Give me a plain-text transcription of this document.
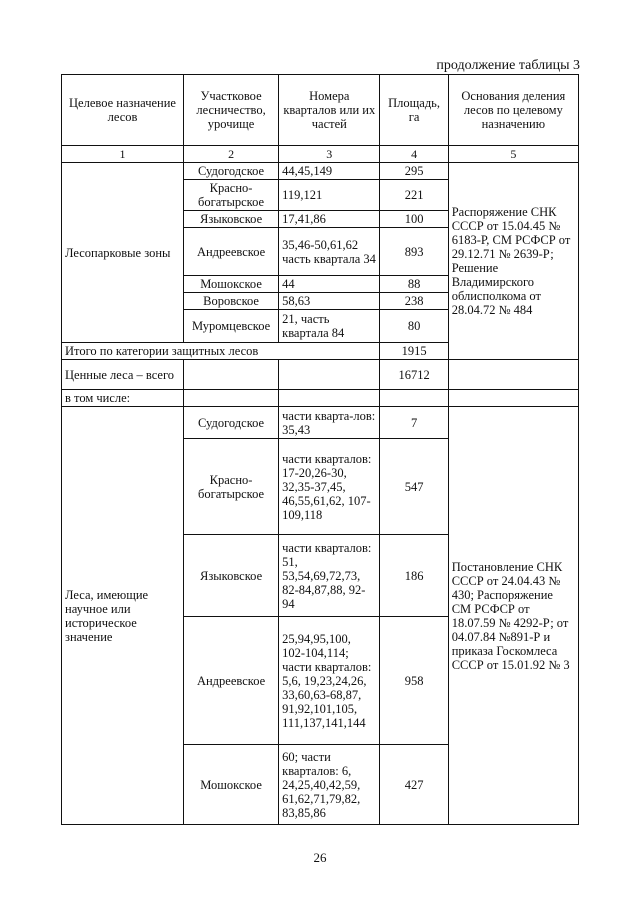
продолжение таблицы 3
Целевое назначение лесов	Участковое лесничество, урочище	Номера кварталов или их частей	Площадь, га	Основания деления лесов по целевому назначению
1	2	3	4	5
Лесопарковые зоны	Судогодское	44,45,149	295	Распоряжение СНК СССР от 15.04.45 № 6183-Р, СМ РСФСР от 29.12.71 № 2639-Р; Решение Владимирского облисполкома от 28.04.72 № 484
	Красно-богатырское	119,121	221	
	Языковское	17,41,86	100	
	Андреевское	35,46-50,61,62 часть квартала 34	893	
	Мошокское	44	88	
	Воровское	58,63	238	
	Муромцевское	21, часть квартала 84	80	
Итого по категории защитных лесов			1915	
Ценные леса – всего			16712	
в том числе:				
Леса, имеющие научное или историческое значение	Судогодское	части квартa-лов: 35,43	7	Постановление СНК СССР от 24.04.43 № 430; Распоряжение СМ РСФСР от 18.07.59 № 4292-Р; от 04.07.84 №891-Р и приказа Госкомлеса СССР от 15.01.92 № 3
	Красно-богатырское	части кварталов: 17-20,26-30, 32,35-37,45, 46,55,61,62, 107-109,118	547	
	Языковское	части кварталов: 51, 53,54,69,72,73, 82-84,87,88, 92-94	186	
	Андреевское	25,94,95,100, 102-104,114; части кварталов: 5,6, 19,23,24,26, 33,60,63-68,87, 91,92,101,105, 111,137,141,144	958	
	Мошокское	60; части кварталов: 6, 24,25,40,42,59, 61,62,71,79,82, 83,85,86	427	
26
